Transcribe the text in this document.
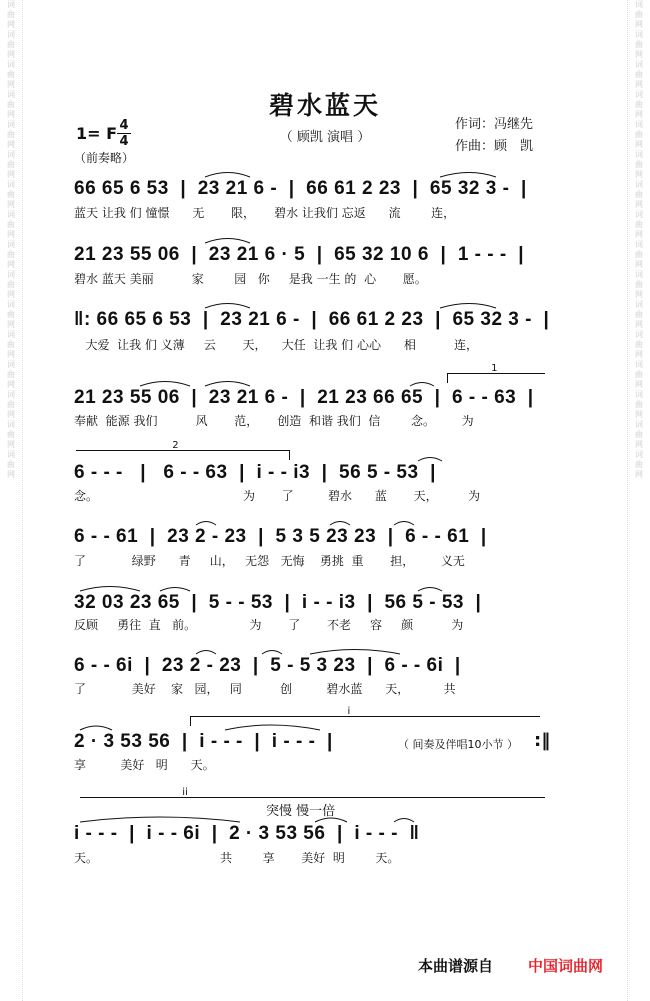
词曲网词曲网词曲网词曲网词曲网词曲网词曲网词曲网词曲网词曲网词曲网词曲网词曲网词曲网词曲网词曲网
词曲网词曲网词曲网词曲网词曲网词曲网词曲网词曲网词曲网词曲网词曲网词曲网词曲网词曲网词曲网词曲网
碧水蓝天
（ 顾凯 演唱 ）
1= F 4
4
（前奏略）
作词：冯继先
作曲：顾　凯
66 65 6 53  |  23 21 6 -  |  66 61 2 23  |  65 32 3 -  |
蓝天 让我 们 憧憬      无       限，     碧水 让我们 忘返      流        连，
21 23 55 06  |  23 21 6 · 5  |  65 32 10 6  |  1 - - -  |
碧水 蓝天 美丽          家        园   你     是我 一生 的  心       愿。
‖: 66 65 6 53  |  23 21 6 -  |  66 61 2 23  |  65 32 3 -  |
大爱  让我 们 义薄     云       天，    大任  让我 们 心心      相          连，
1
21 23 55 06  |  23 21 6 -  |  21 23 66 65  |  6 - - 63  |
奉献  能源 我们          风       范，     创造  和谐 我们  信        念。       为
2
6 - - -   |   6 - - 63  |  i - - i3  |  56 5 - 53  |
念。                                      为       了         碧水      蓝       天，        为
6 - - 61  |  23 2 - 23  |  5 3 5 23 23  |  6 - - 61  |
了            绿野      青     山，   无怨   无悔    勇挑  重       担，       义无
32 03 23 65  |  5 - - 53  |  i - - i3  |  56 5 - 53  |
反顾     勇往  直   前。              为       了       不老     容     颜          为
6 - - 6i  |  23 2 - 23  |  5 - 5 3 23  |  6 - - 6i  |
了            美好    家   园，   同          创         碧水蓝      天，         共
i
2 · 3 53 56  |  i - - -  |  i - - -  |	（ 间奏及伴唱10小节 ） :‖
享         美好   明      天。
ii
突慢 慢一倍
i - - -  |  i - - 6i  |  2 · 3 53 56  |  i - - -  ‖
天。                                共        享       美好  明        天。
本曲谱源自 中国词曲网
